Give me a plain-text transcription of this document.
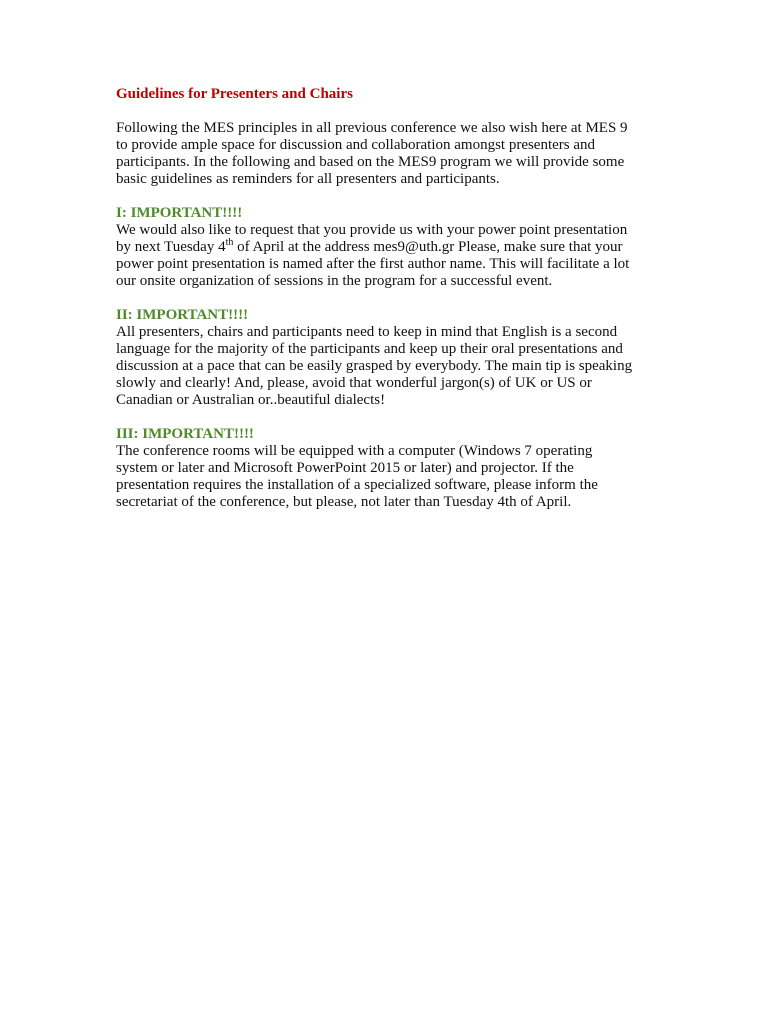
Guidelines for Presenters and Chairs
Following the MES principles in all previous conference we also wish here at MES 9
to provide ample space for discussion and collaboration amongst presenters and
participants. In the following and based on the MES9 program we will provide some
basic guidelines as reminders for all presenters and participants.
I: IMPORTANT!!!!
We would also like to request that you provide us with your power point presentation
by next Tuesday 4th of April at the address mes9@uth.gr Please, make sure that your
power point presentation is named after the first author name. This will facilitate a lot
our onsite organization of sessions in the program for a successful event.
II: IMPORTANT!!!!
All presenters, chairs and participants need to keep in mind that English is a second
language for the majority of the participants and keep up their oral presentations and
discussion at a pace that can be easily grasped by everybody. The main tip is speaking
slowly and clearly! And, please, avoid that wonderful jargon(s) of UK or US or
Canadian or Australian or..beautiful dialects!
III: IMPORTANT!!!!
The conference rooms will be equipped with a computer (Windows 7 operating
system or later and Microsoft PowerPoint 2015 or later) and projector. If the
presentation requires the installation of a specialized software, please inform the
secretariat of the conference, but please, not later than Tuesday 4th of April.
